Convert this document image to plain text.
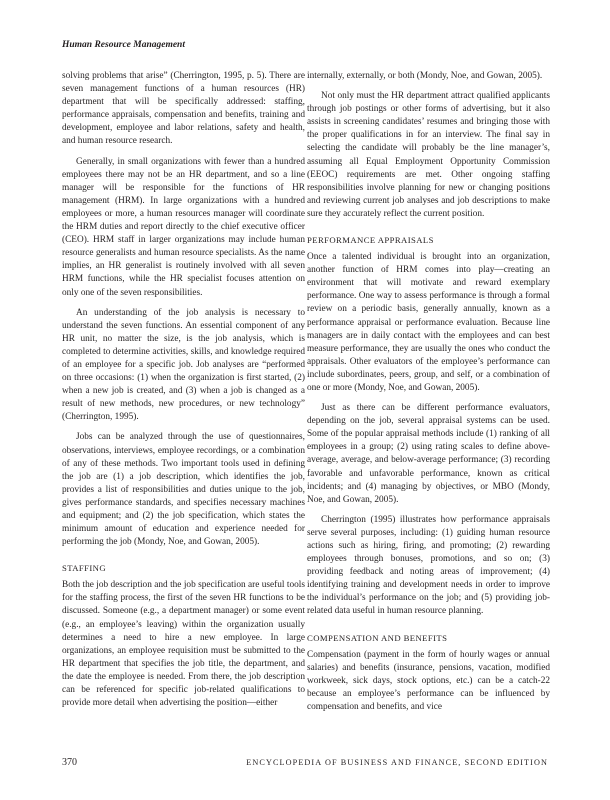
Human Resource Management

solving problems that arise” (Cherrington, 1995, p. 5). There are seven management functions of a human resources (HR) department that will be specifically addressed: staffing, performance appraisals, compensation and benefits, training and development, employee and labor relations, safety and health, and human resource research.

Generally, in small organizations with fewer than a hundred employees there may not be an HR department, and so a line manager will be responsible for the functions of HR management (HRM). In large organizations with a hundred employees or more, a human resources manager will coordinate the HRM duties and report directly to the chief executive officer (CEO). HRM staff in larger organizations may include human resource generalists and human resource specialists. As the name implies, an HR generalist is routinely involved with all seven HRM functions, while the HR specialist focuses attention on only one of the seven responsibilities.

An understanding of the job analysis is necessary to understand the seven functions. An essential component of any HR unit, no matter the size, is the job analysis, which is completed to determine activities, skills, and knowledge required of an employee for a specific job. Job analyses are “performed on three occasions: (1) when the organization is first started, (2) when a new job is created, and (3) when a job is changed as a result of new methods, new procedures, or new technology” (Cherrington, 1995).

Jobs can be analyzed through the use of questionnaires, observations, interviews, employee recordings, or a combination of any of these methods. Two important tools used in defining the job are (1) a job description, which identifies the job, provides a list of responsibilities and duties unique to the job, gives performance standards, and specifies necessary machines and equipment; and (2) the job specification, which states the minimum amount of education and experience needed for performing the job (Mondy, Noe, and Gowan, 2005).

STAFFING

Both the job description and the job specification are useful tools for the staffing process, the first of the seven HR functions to be discussed. Someone (e.g., a department manager) or some event (e.g., an employee’s leaving) within the organization usually determines a need to hire a new employee. In large organizations, an employee requisition must be submitted to the HR department that specifies the job title, the department, and the date the employee is needed. From there, the job description can be referenced for specific job-related qualifications to provide more detail when advertising the position—either

internally, externally, or both (Mondy, Noe, and Gowan, 2005).

Not only must the HR department attract qualified applicants through job postings or other forms of advertising, but it also assists in screening candidates’ resumes and bringing those with the proper qualifications in for an interview. The final say in selecting the candidate will probably be the line manager’s, assuming all Equal Employment Opportunity Commission (EEOC) requirements are met. Other ongoing staffing responsibilities involve planning for new or changing positions and reviewing current job analyses and job descriptions to make sure they accurately reflect the current position.

PERFORMANCE APPRAISALS

Once a talented individual is brought into an organization, another function of HRM comes into play—creating an environment that will motivate and reward exemplary performance. One way to assess performance is through a formal review on a periodic basis, generally annually, known as a performance appraisal or performance evaluation. Because line managers are in daily contact with the employees and can best measure performance, they are usually the ones who conduct the appraisals. Other evaluators of the employee’s performance can include subordinates, peers, group, and self, or a combination of one or more (Mondy, Noe, and Gowan, 2005).

Just as there can be different performance evaluators, depending on the job, several appraisal systems can be used. Some of the popular appraisal methods include (1) ranking of all employees in a group; (2) using rating scales to define above-average, average, and below-average performance; (3) recording favorable and unfavorable performance, known as critical incidents; and (4) managing by objectives, or MBO (Mondy, Noe, and Gowan, 2005).

Cherrington (1995) illustrates how performance appraisals serve several purposes, including: (1) guiding human resource actions such as hiring, firing, and promoting; (2) rewarding employees through bonuses, promotions, and so on; (3) providing feedback and noting areas of improvement; (4) identifying training and development needs in order to improve the individual’s performance on the job; and (5) providing job-related data useful in human resource planning.

COMPENSATION AND BENEFITS

Compensation (payment in the form of hourly wages or annual salaries) and benefits (insurance, pensions, vacation, modified workweek, sick days, stock options, etc.) can be a catch-22 because an employee’s performance can be influenced by compensation and benefits, and vice

370	ENCYCLOPEDIA OF BUSINESS AND FINANCE, SECOND EDITION
